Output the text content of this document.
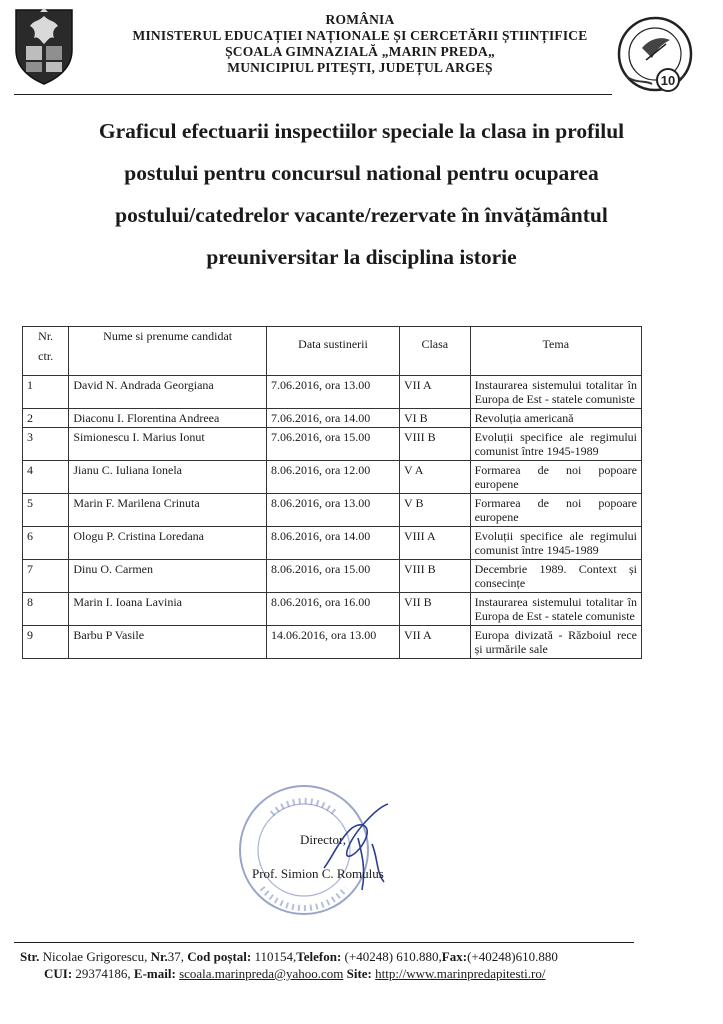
ROMÂNIA
MINISTERUL EDUCAȚIEI NAȚIONALE ȘI CERCETĂRII ȘTIINȚIFICE
ȘCOALA GIMNAZIALĂ „MARIN PREDA„
MUNICIPIUL PITEȘTI, JUDEȚUL ARGEȘ
10
Graficul efectuarii inspectiilor speciale la clasa in profilul
postului pentru concursul national pentru ocuparea
postului/catedrelor vacante/rezervate în învățământul
preuniversitar la disciplina istorie
Nr.
ctr.	Nume si prenume candidat	Data sustinerii	Clasa	Tema

1	David N. Andrada Georgiana	7.06.2016, ora 13.00	VII A	Instaurarea sistemului totalitar în Europa de Est - statele comuniste
2	Diaconu I. Florentina Andreea	7.06.2016, ora 14.00	VI B	Revoluția americană
3	Simionescu I. Marius Ionut	7.06.2016, ora 15.00	VIII B	Evoluții specifice ale regimului comunist între 1945-1989
4	Jianu C. Iuliana Ionela	8.06.2016, ora 12.00	V A	Formarea de noi popoare europene
5	Marin F. Marilena Crinuta	8.06.2016, ora 13.00	V B	Formarea de noi popoare europene
6	Ologu P. Cristina Loredana	8.06.2016, ora 14.00	VIII A	Evoluții specifice ale regimului comunist între 1945-1989
7	Dinu O. Carmen	8.06.2016, ora 15.00	VIII B	Decembrie 1989. Context și consecințe
8	Marin I. Ioana Lavinia	8.06.2016, ora 16.00	VII B	Instaurarea sistemului totalitar în Europa de Est - statele comuniste
9	Barbu P Vasile	14.06.2016, ora 13.00	VII A	Europa divizată - Războiul rece și urmările sale
Director,
Prof. Simion C. Romulus
Str. Nicolae Grigorescu, Nr.37, Cod poștal: 110154,Telefon: (+40248) 610.880,Fax:(+40248)610.880
CUI: 29374186, E-mail: scoala.marinpreda@yahoo.com Site: http://www.marinpredapitesti.ro/
